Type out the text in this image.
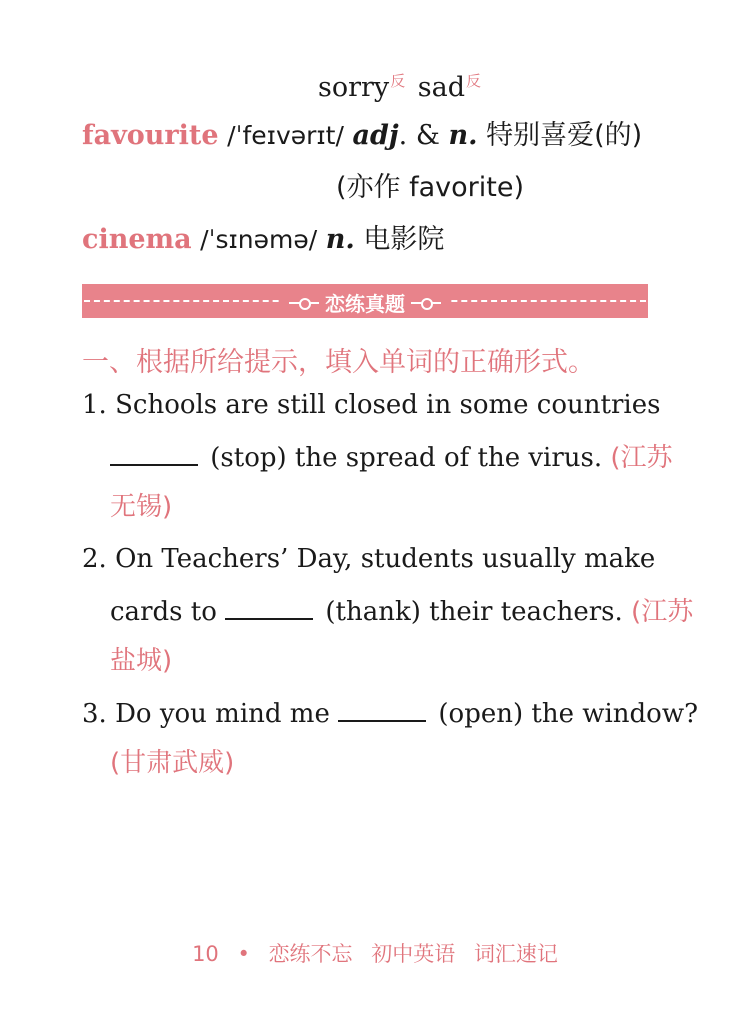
sorry$^反$ sad$^反$
favourite /ˈfeɪvərɪt/ adj. & n. 特别喜爱(的)
(亦作 favorite)
cinema /ˈsɪnəmə/ n. 电影院
恋练真题
一、根据所给提示，填入单词的正确形式。
1. Schools are still closed in some countries
(stop) the spread of the virus. (江苏
无锡)
2. On Teachers’ Day, students usually make
cards to	(thank) their teachers. (江苏
盐城)
3. Do you mind me	(open) the window?
(甘肃武威)
10 • 恋练不忘 初中英语 词汇速记
